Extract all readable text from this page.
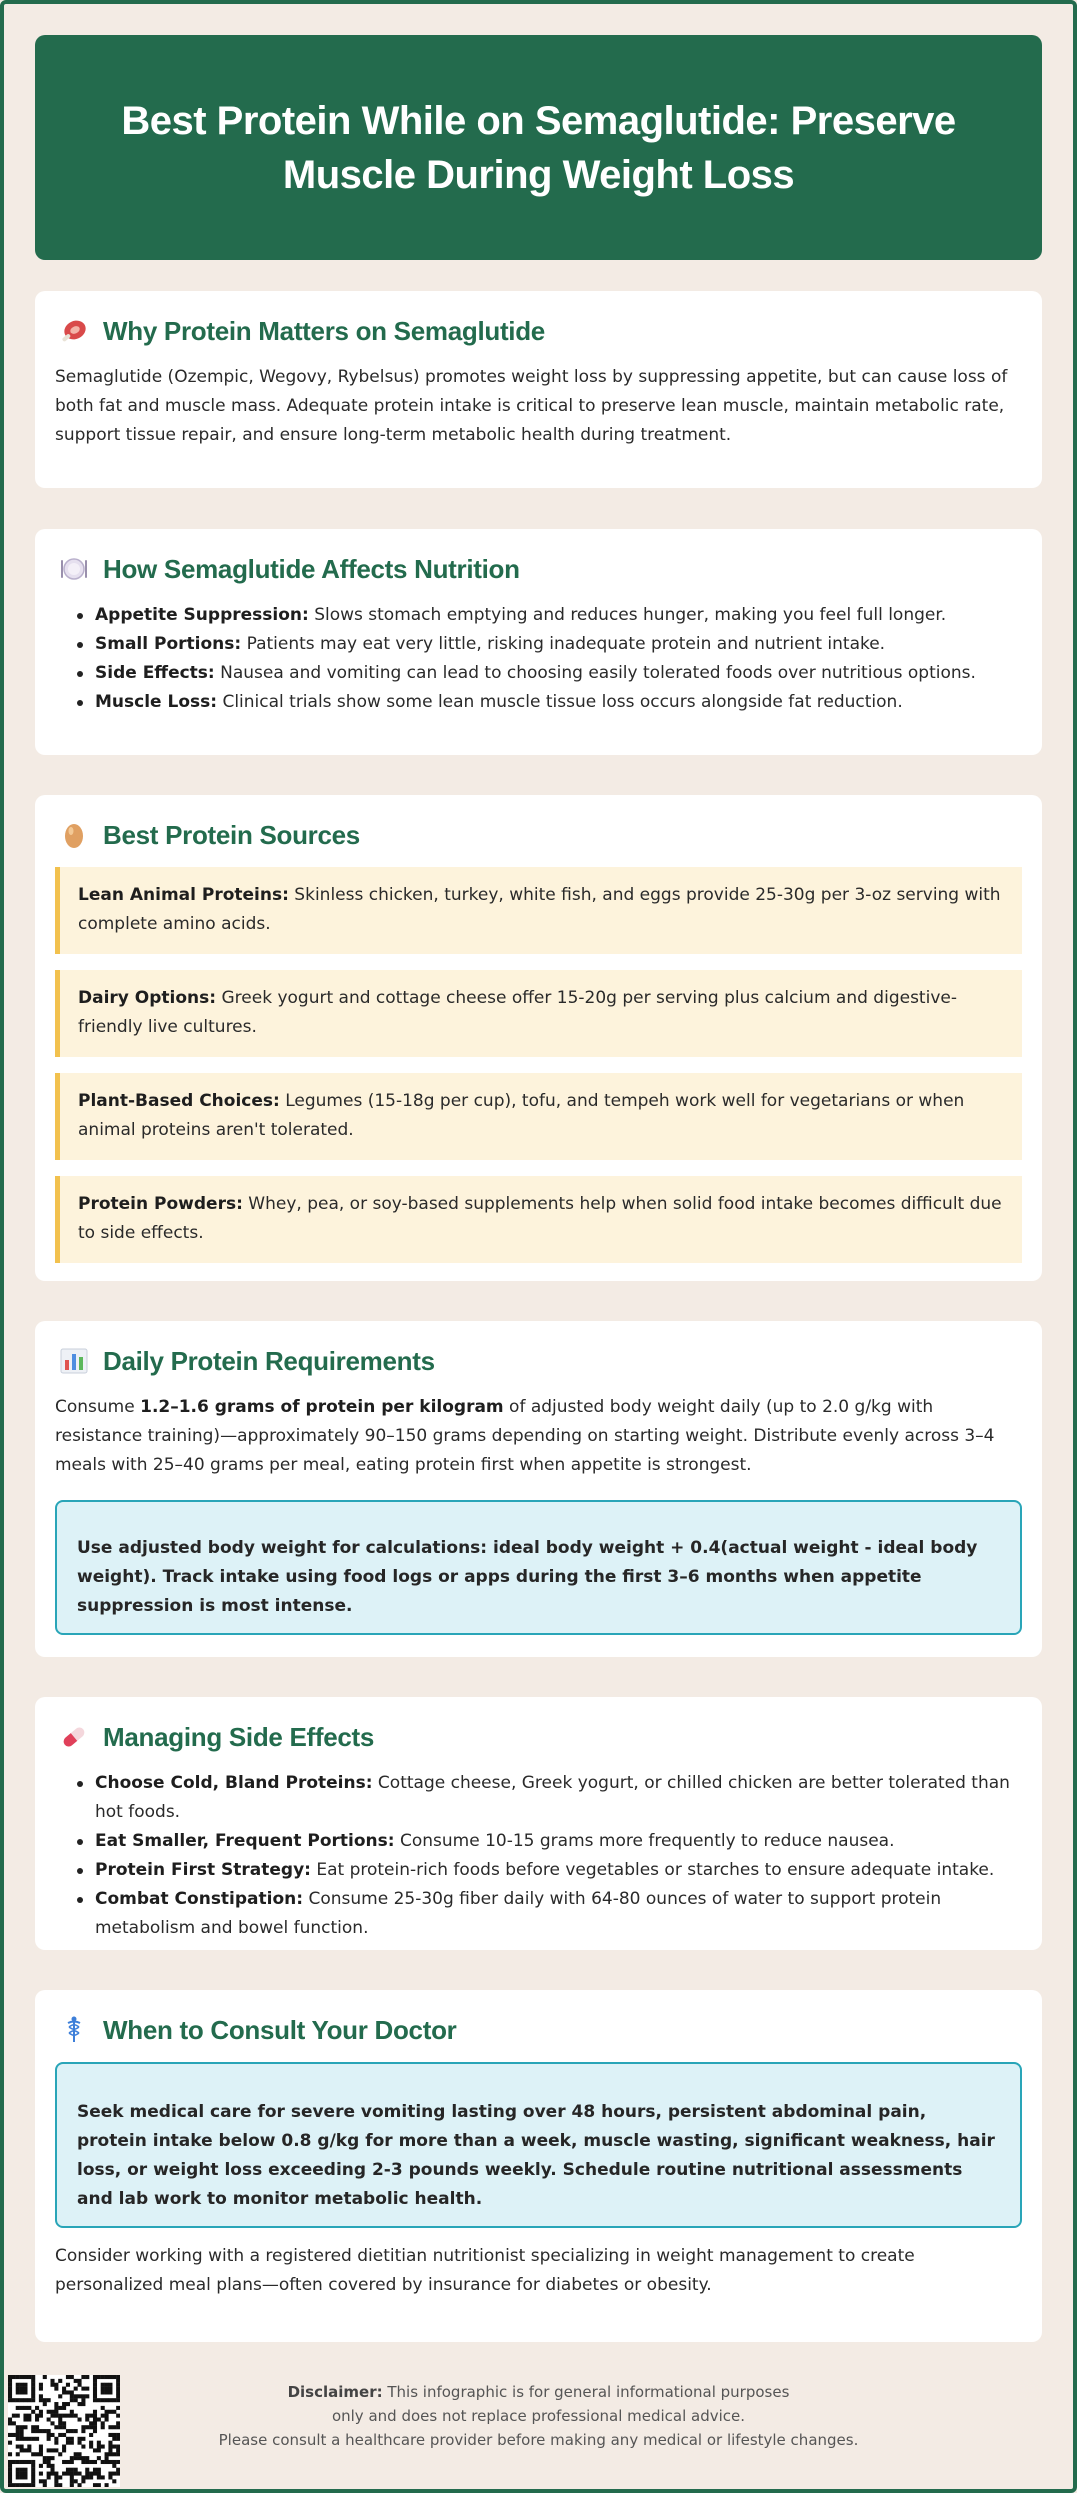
Best Protein While on Semaglutide: Preserve Muscle During Weight Loss
Why Protein Matters on Semaglutide

Semaglutide (Ozempic, Wegovy, Rybelsus) promotes weight loss by suppressing appetite, but can cause loss of both fat and muscle mass. Adequate protein intake is critical to preserve lean muscle, maintain metabolic rate, support tissue repair, and ensure long-term metabolic health during treatment.

How Semaglutide Affects Nutrition
Appetite Suppression: Slows stomach emptying and reduces hunger, making you feel full longer.
Small Portions: Patients may eat very little, risking inadequate protein and nutrient intake.
Side Effects: Nausea and vomiting can lead to choosing easily tolerated foods over nutritious options.
Muscle Loss: Clinical trials show some lean muscle tissue loss occurs alongside fat reduction.
Best Protein Sources
Lean Animal Proteins: Skinless chicken, turkey, white fish, and eggs provide 25-30g per 3-oz serving with complete amino acids.
Dairy Options: Greek yogurt and cottage cheese offer 15-20g per serving plus calcium and digestive-friendly live cultures.
Plant-Based Choices: Legumes (15-18g per cup), tofu, and tempeh work well for vegetarians or when animal proteins aren't tolerated.
Protein Powders: Whey, pea, or soy-based supplements help when solid food intake becomes difficult due to side effects.
Daily Protein Requirements

Consume 1.2–1.6 grams of protein per kilogram of adjusted body weight daily (up to 2.0 g/kg with resistance training)—approximately 90–150 grams depending on starting weight. Distribute evenly across 3–4 meals with 25–40 grams per meal, eating protein first when appetite is strongest.

Use adjusted body weight for calculations: ideal body weight + 0.4(actual weight - ideal body weight). Track intake using food logs or apps during the first 3–6 months when appetite suppression is most intense.
Managing Side Effects
Choose Cold, Bland Proteins: Cottage cheese, Greek yogurt, or chilled chicken are better tolerated than hot foods.
Eat Smaller, Frequent Portions: Consume 10-15 grams more frequently to reduce nausea.
Protein First Strategy: Eat protein-rich foods before vegetables or starches to ensure adequate intake.
Combat Constipation: Consume 25-30g fiber daily with 64-80 ounces of water to support protein metabolism and bowel function.
When to Consult Your Doctor
Seek medical care for severe vomiting lasting over 48 hours, persistent abdominal pain, protein intake below 0.8 g/kg for more than a week, muscle wasting, significant weakness, hair loss, or weight loss exceeding 2-3 pounds weekly. Schedule routine nutritional assessments and lab work to monitor metabolic health.

Consider working with a registered dietitian nutritionist specializing in weight management to create personalized meal plans—often covered by insurance for diabetes or obesity.

Disclaimer: This infographic is for general informational purposes
only and does not replace professional medical advice.
Please consult a healthcare provider before making any medical or lifestyle changes.
